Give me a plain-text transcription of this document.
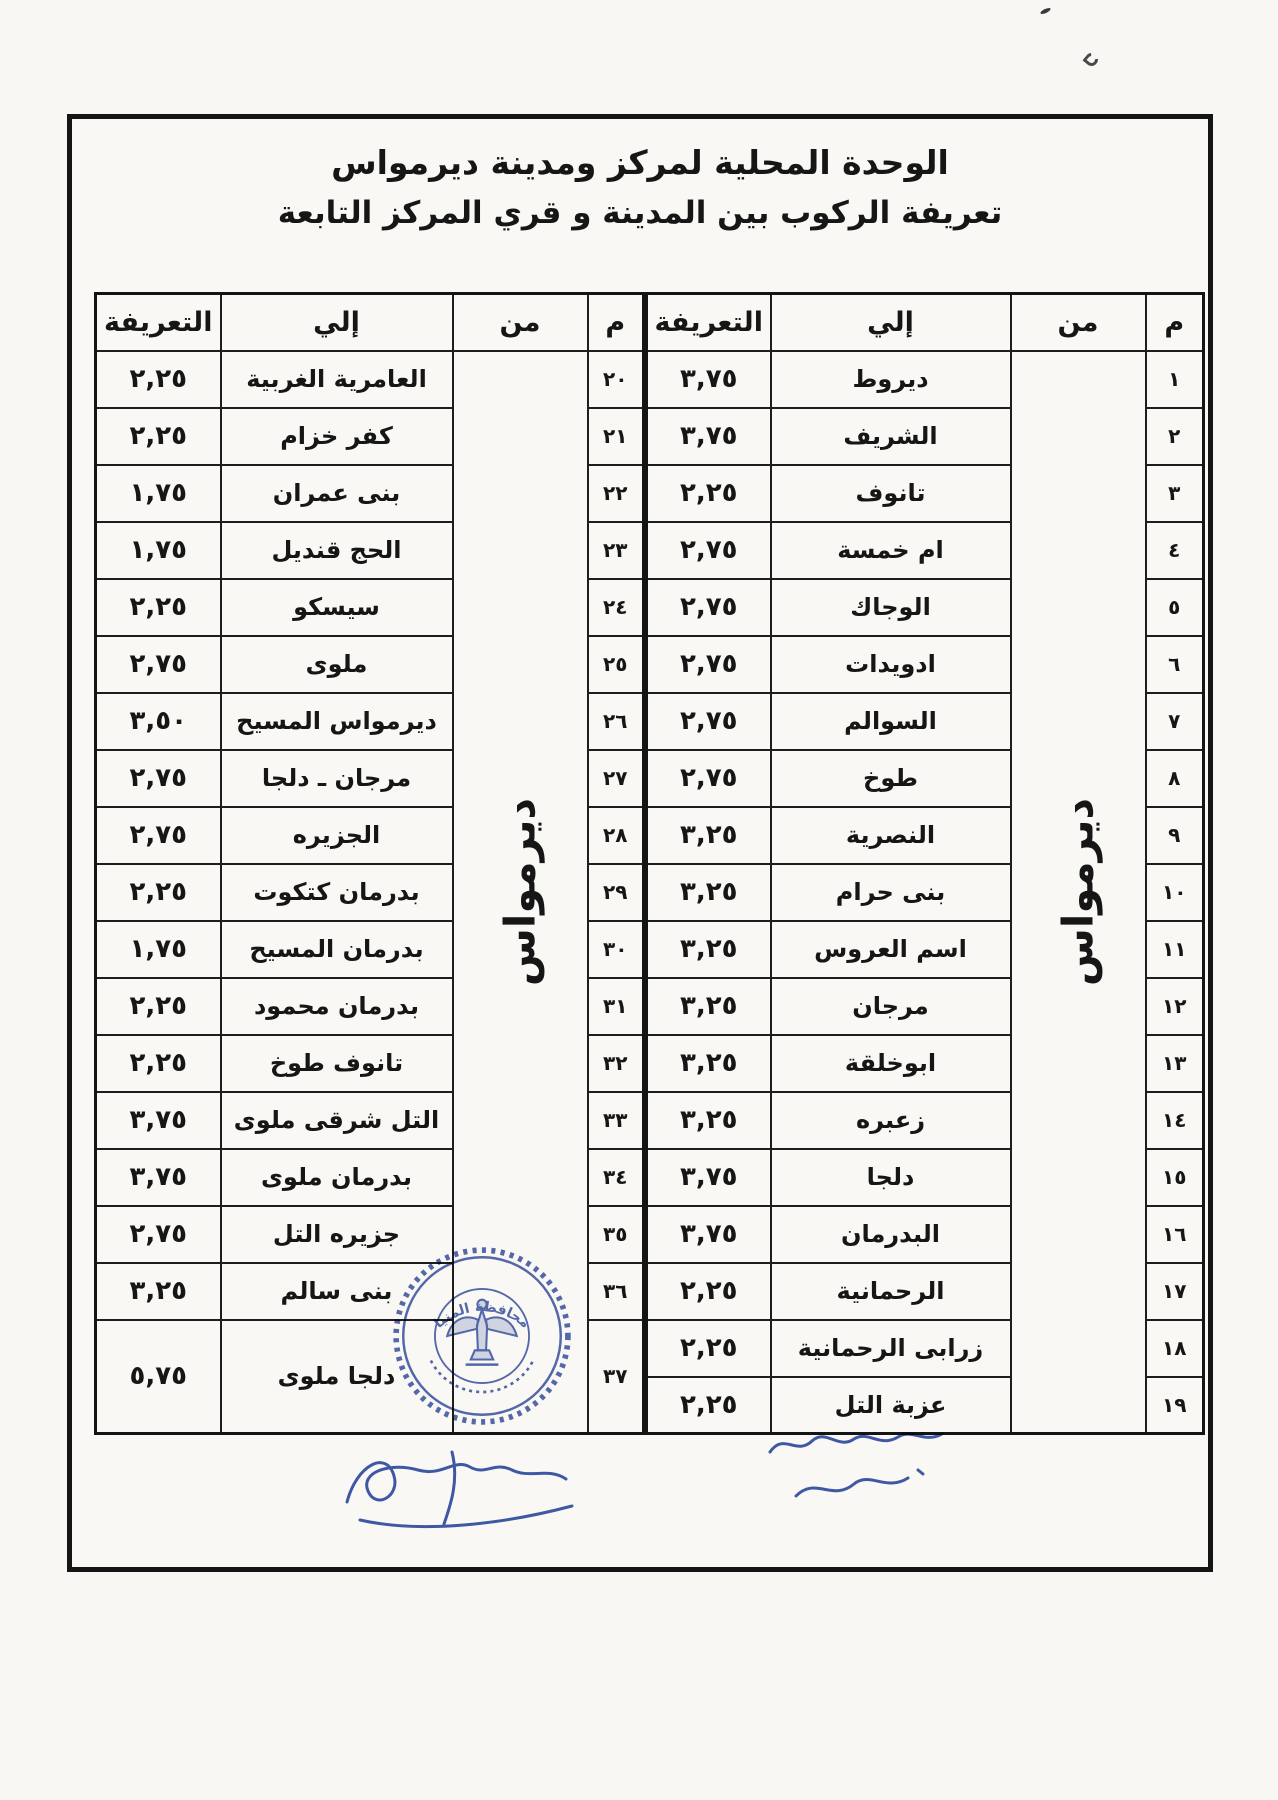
الوحدة المحلية لمركز ومدينة ديرمواس
تعريفة الركوب بين المدينة و قري المركز التابعة
م	من	إلي	التعريفة
١	ديرمواس	ديروط	٣,٧٥
٢		الشريف	٣,٧٥
٣		تانوف	٢,٢٥
٤		ام خمسة	٢,٧٥
٥		الوجاك	٢,٧٥
٦		ادويدات	٢,٧٥
٧		السوالم	٢,٧٥
٨		طوخ	٢,٧٥
٩		النصرية	٣,٢٥
١٠		بنى حرام	٣,٢٥
١١		اسم العروس	٣,٢٥
١٢		مرجان	٣,٢٥
١٣		ابوخلقة	٣,٢٥
١٤		زعبره	٣,٢٥
١٥		دلجا	٣,٧٥
١٦		البدرمان	٣,٧٥
١٧		الرحمانية	٢,٢٥
١٨		زرابى الرحمانية	٢,٢٥
١٩		عزبة التل	٢,٢٥
م	من	إلي	التعريفة
٢٠	ديرمواس	العامرية الغربية	٢,٢٥
٢١		كفر خزام	٢,٢٥
٢٢		بنى عمران	١,٧٥
٢٣		الحج قنديل	١,٧٥
٢٤		سيسكو	٢,٢٥
٢٥		ملوى	٢,٧٥
٢٦		ديرمواس المسيح	٣,٥٠
٢٧		مرجان ـ دلجا	٢,٧٥
٢٨		الجزيره	٢,٧٥
٢٩		بدرمان كتكوت	٢,٢٥
٣٠		بدرمان المسيح	١,٧٥
٣١		بدرمان محمود	٢,٢٥
٣٢		تانوف طوخ	٢,٢٥
٣٣		التل شرقى ملوى	٣,٧٥
٣٤		بدرمان ملوى	٣,٧٥
٣٥		جزيره التل	٢,٧٥
٣٦		بنى سالم	٣,٢٥
٣٧		دلجا ملوى	٥,٧٥
محافظة المنيا
